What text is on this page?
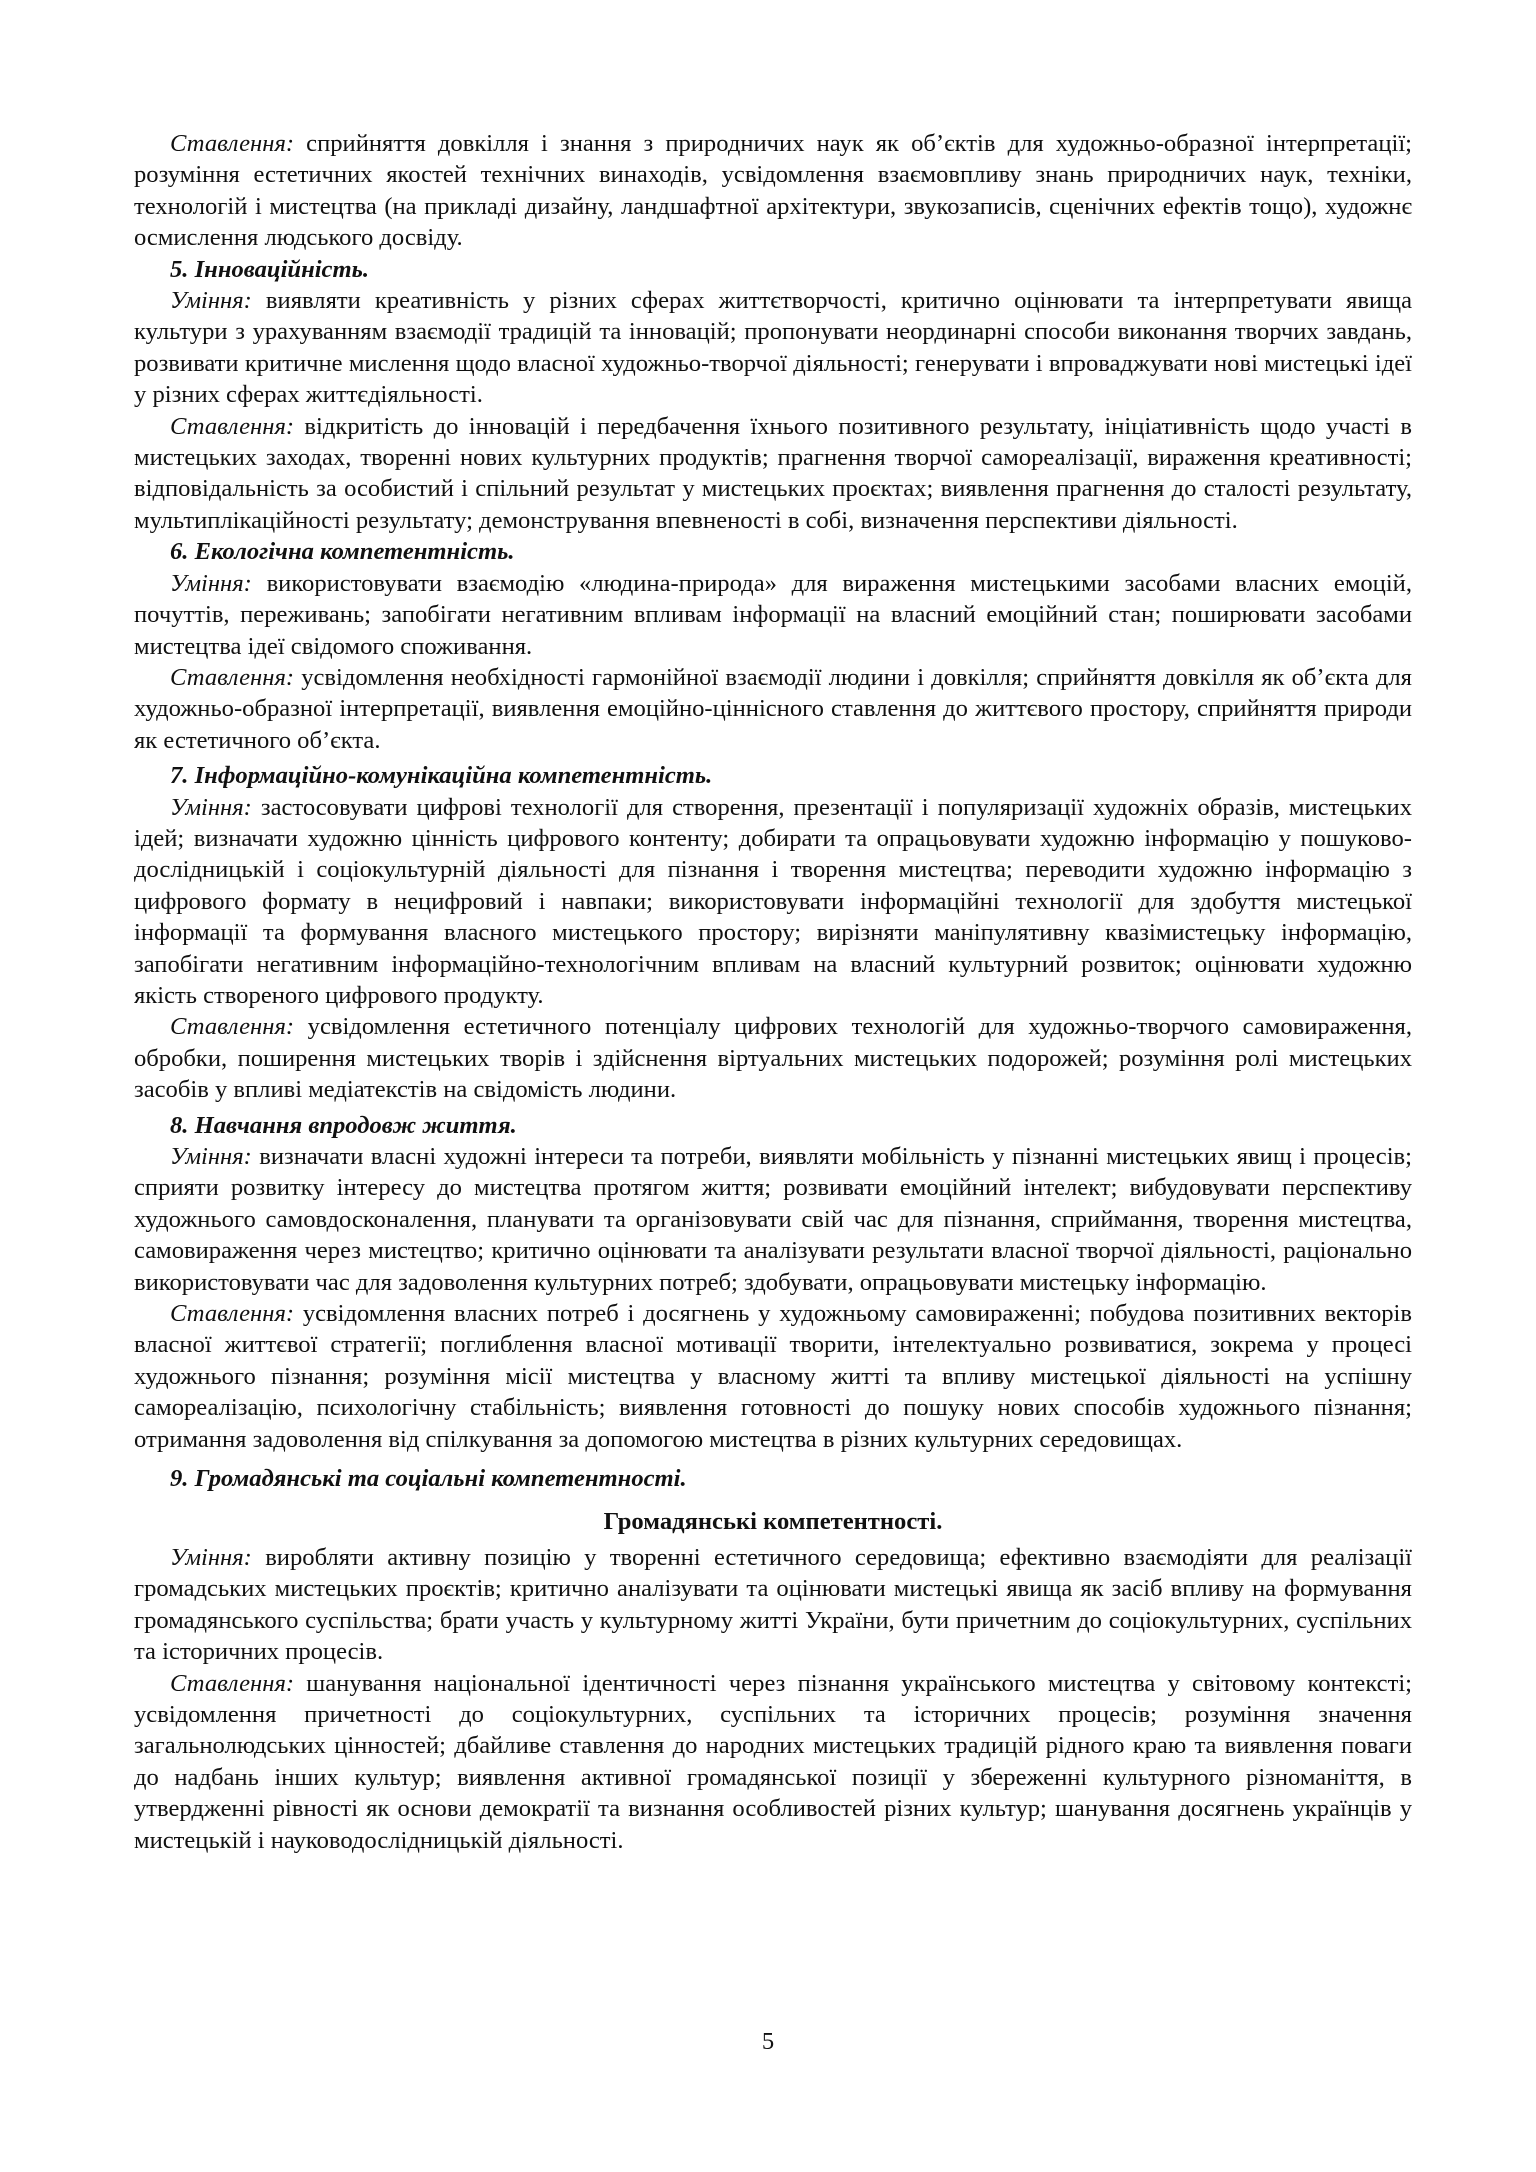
Ставлення: сприйняття довкілля і знання з природничих наук як об’єктів для художньо-образної інтерпретації; розуміння естетичних якостей технічних винаходів, усвідомлення взаємовпливу знань природничих наук, техніки, технологій і мистецтва (на прикладі дизайну, ландшафтної архітектури, звукозаписів, сценічних ефектів тощо), художнє осмислення людського досвіду.

5. Інноваційність.

Уміння: виявляти креативність у різних сферах життєтворчості, критично оцінювати та інтерпретувати явища культури з урахуванням взаємодії традицій та інновацій; пропонувати неординарні способи виконання творчих завдань, розвивати критичне мислення щодо власної художньо-творчої діяльності; генерувати і впроваджувати нові мистецькі ідеї у різних сферах життєдіяльності.

Ставлення: відкритість до інновацій і передбачення їхнього позитивного результату, ініціативність щодо участі в мистецьких заходах, творенні нових культурних продуктів; прагнення творчої самореалізації, вираження креативності; відповідальність за особистий і спільний результат у мистецьких проєктах; виявлення прагнення до сталості результату, мультиплікаційності результату; демонстрування впевненості в собі, визначення перспективи діяльності.

6. Екологічна компетентність.

Уміння: використовувати взаємодію «людина-природа» для вираження мистецькими засобами власних емоцій, почуттів, переживань; запобігати негативним впливам інформації на власний емоційний стан; поширювати засобами мистецтва ідеї свідомого споживання.

Ставлення: усвідомлення необхідності гармонійної взаємодії людини і довкілля; сприйняття довкілля як об’єкта для художньо-образної інтерпретації, виявлення емоційно-ціннісного ставлення до життєвого простору, сприйняття природи як естетичного об’єкта.

7. Інформаційно-комунікаційна компетентність.

Уміння: застосовувати цифрові технології для створення, презентації і популяризації художніх образів, мистецьких ідей; визначати художню цінність цифрового контенту; добирати та опрацьовувати художню інформацію у пошуково-дослідницькій і соціокультурній діяльності для пізнання і творення мистецтва; переводити художню інформацію з цифрового формату в нецифровий і навпаки; використовувати інформаційні технології для здобуття мистецької інформації та формування власного мистецького простору; вирізняти маніпулятивну квазімистецьку інформацію, запобігати негативним інформаційно-технологічним впливам на власний культурний розвиток; оцінювати художню якість створеного цифрового продукту.

Ставлення: усвідомлення естетичного потенціалу цифрових технологій для художньо-творчого самовираження, обробки, поширення мистецьких творів і здійснення віртуальних мистецьких подорожей; розуміння ролі мистецьких засобів у впливі медіатекстів на свідомість людини.

8. Навчання впродовж життя.

Уміння: визначати власні художні інтереси та потреби, виявляти мобільність у пізнанні мистецьких явищ і процесів; сприяти розвитку інтересу до мистецтва протягом життя; розвивати емоційний інтелект; вибудовувати перспективу художнього самовдосконалення, планувати та організовувати свій час для пізнання, сприймання, творення мистецтва, самовираження через мистецтво; критично оцінювати та аналізувати результати власної творчої діяльності, раціонально використовувати час для задоволення культурних потреб; здобувати, опрацьовувати мистецьку інформацію.

Ставлення: усвідомлення власних потреб і досягнень у художньому самовираженні; побудова позитивних векторів власної життєвої стратегії; поглиблення власної мотивації творити, інтелектуально розвиватися, зокрема у процесі художнього пізнання; розуміння місії мистецтва у власному житті та впливу мистецької діяльності на успішну самореалізацію, психологічну стабільність; виявлення готовності до пошуку нових способів художнього пізнання; отримання задоволення від спілкування за допомогою мистецтва в різних культурних середовищах.

9. Громадянські та соціальні компетентності.
Громадянські компетентності.

Уміння: виробляти активну позицію у творенні естетичного середовища; ефективно взаємодіяти для реалізації громадських мистецьких проєктів; критично аналізувати та оцінювати мистецькі явища як засіб впливу на формування громадянського суспільства; брати участь у культурному житті України, бути причетним до соціокультурних, суспільних та історичних процесів.

Ставлення: шанування національної ідентичності через пізнання українського мистецтва у світовому контексті; усвідомлення причетності до соціокультурних, суспільних та історичних процесів; розуміння значення загальнолюдських цінностей; дбайливе ставлення до народних мистецьких традицій рідного краю та виявлення поваги до надбань інших культур; виявлення активної громадянської позиції у збереженні культурного різноманіття, в утвердженні рівності як основи демократії та визнання особливостей різних культур; шанування досягнень українців у мистецькій і науководослідницькій діяльності.

5
